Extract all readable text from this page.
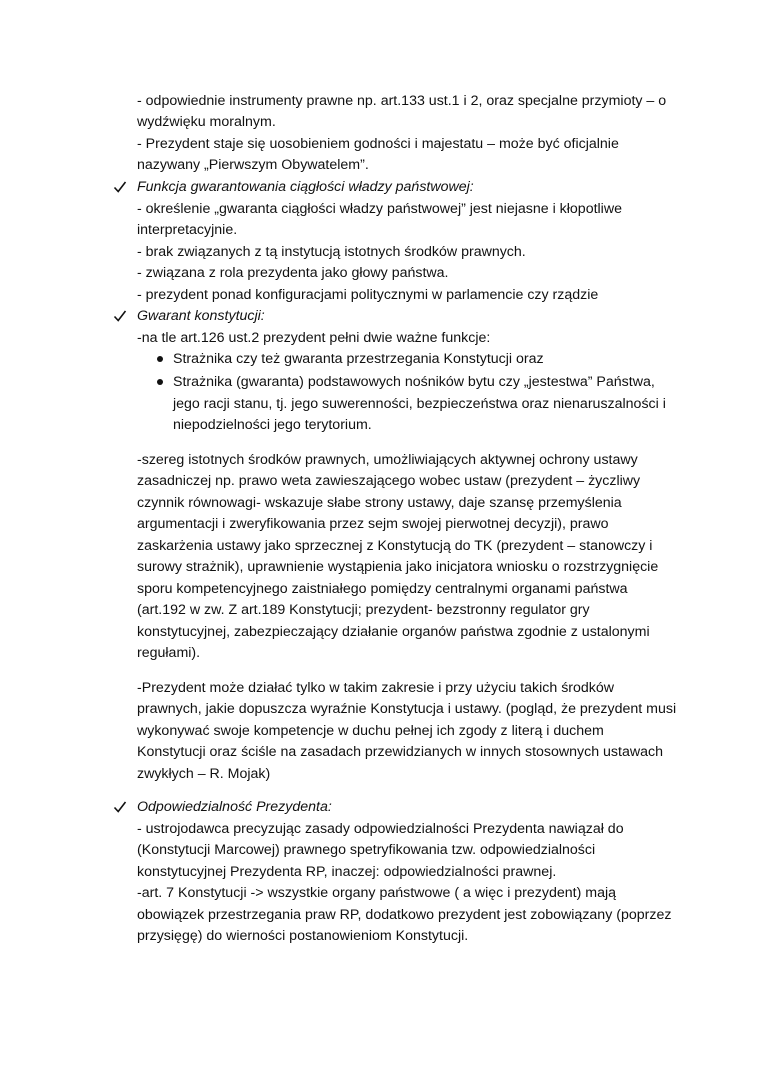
- odpowiednie instrumenty prawne np. art.133 ust.1 i 2, oraz specjalne przymioty – o
wydźwięku moralnym.
- Prezydent staje się uosobieniem godności i majestatu – może być oficjalnie
nazywany „Pierwszym Obywatelem”.
Funkcja gwarantowania ciągłości władzy państwowej:
- określenie „gwaranta ciągłości władzy państwowej” jest niejasne i kłopotliwe
interpretacyjnie.
- brak związanych z tą instytucją istotnych środków prawnych.
- związana z rola prezydenta jako głowy państwa.
- prezydent ponad konfiguracjami politycznymi w parlamencie czy rządzie
Gwarant konstytucji:
-na tle art.126 ust.2 prezydent pełni dwie ważne funkcje:
Strażnika czy też gwaranta przestrzegania Konstytucji oraz
Strażnika (gwaranta) podstawowych nośników bytu czy „jestestwa” Państwa,
jego racji stanu, tj. jego suwerenności, bezpieczeństwa oraz nienaruszalności i
niepodzielności jego terytorium.
-szereg istotnych środków prawnych, umożliwiających aktywnej ochrony ustawy
zasadniczej np. prawo weta zawieszającego wobec ustaw (prezydent – życzliwy
czynnik równowagi- wskazuje słabe strony ustawy, daje szansę przemyślenia
argumentacji i zweryfikowania przez sejm swojej pierwotnej decyzji), prawo
zaskarżenia ustawy jako sprzecznej z Konstytucją do TK (prezydent – stanowczy i
surowy strażnik), uprawnienie wystąpienia jako inicjatora wniosku o rozstrzygnięcie
sporu kompetencyjnego zaistniałego pomiędzy centralnymi organami państwa
(art.192 w zw. Z art.189 Konstytucji; prezydent- bezstronny regulator gry
konstytucyjnej, zabezpieczający działanie organów państwa zgodnie z ustalonymi
regułami).
-Prezydent może działać tylko w takim zakresie i przy użyciu takich środków
prawnych, jakie dopuszcza wyraźnie Konstytucja i ustawy. (pogląd, że prezydent musi
wykonywać swoje kompetencje w duchu pełnej ich zgody z literą i duchem
Konstytucji oraz ściśle na zasadach przewidzianych w innych stosownych ustawach
zwykłych – R. Mojak)
Odpowiedzialność Prezydenta:
- ustrojodawca precyzując zasady odpowiedzialności Prezydenta nawiązał do
(Konstytucji Marcowej) prawnego spetryfikowania tzw. odpowiedzialności
konstytucyjnej Prezydenta RP, inaczej: odpowiedzialności prawnej.
-art. 7 Konstytucji -> wszystkie organy państwowe ( a więc i prezydent) mają
obowiązek przestrzegania praw RP, dodatkowo prezydent jest zobowiązany (poprzez
przysięgę) do wierności postanowieniom Konstytucji.
